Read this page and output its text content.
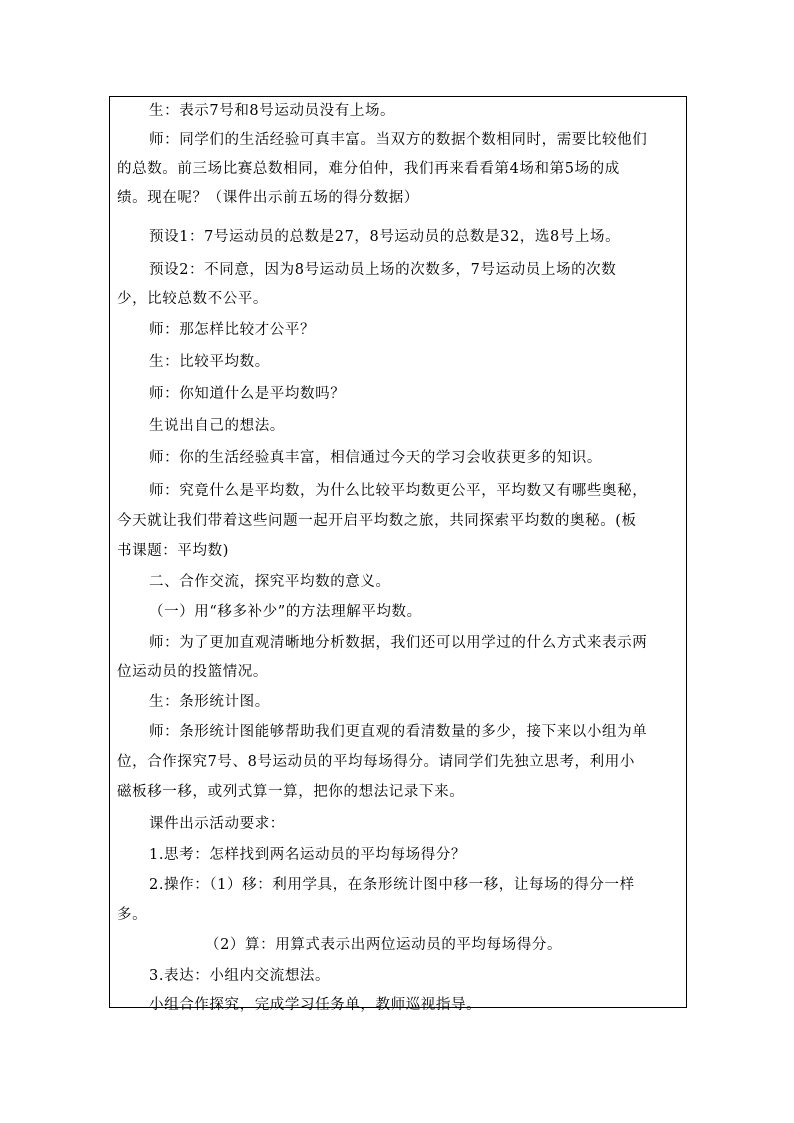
生：表示7号和8号运动员没有上场。
师：同学们的生活经验可真丰富。当双方的数据个数相同时，需要比较他们
的总数。前三场比赛总数相同，难分伯仲，我们再来看看第4场和第5场的成
绩。现在呢？（课件出示前五场的得分数据）
预设1：7号运动员的总数是27，8号运动员的总数是32，选8号上场。
预设2：不同意，因为8号运动员上场的次数多，7号运动员上场的次数
少，比较总数不公平。
师：那怎样比较才公平？
生：比较平均数。
师：你知道什么是平均数吗？
生说出自己的想法。
师：你的生活经验真丰富，相信通过今天的学习会收获更多的知识。
师：究竟什么是平均数，为什么比较平均数更公平，平均数又有哪些奥秘，
今天就让我们带着这些问题一起开启平均数之旅，共同探索平均数的奥秘。(板
书课题：平均数)
二、合作交流，探究平均数的意义。
（一）用“移多补少”的方法理解平均数。
师：为了更加直观清晰地分析数据，我们还可以用学过的什么方式来表示两
位运动员的投篮情况。
生：条形统计图。
师：条形统计图能够帮助我们更直观的看清数量的多少，接下来以小组为单
位，合作探究7号、8号运动员的平均每场得分。请同学们先独立思考，利用小
磁板移一移，或列式算一算，把你的想法记录下来。
课件出示活动要求：
1.思考：怎样找到两名运动员的平均每场得分？
2.操作：（1）移：利用学具，在条形统计图中移一移，让每场的得分一样
多。
（2）算：用算式表示出两位运动员的平均每场得分。
3.表达：小组内交流想法。
小组合作探究，完成学习任务单，教师巡视指导。
